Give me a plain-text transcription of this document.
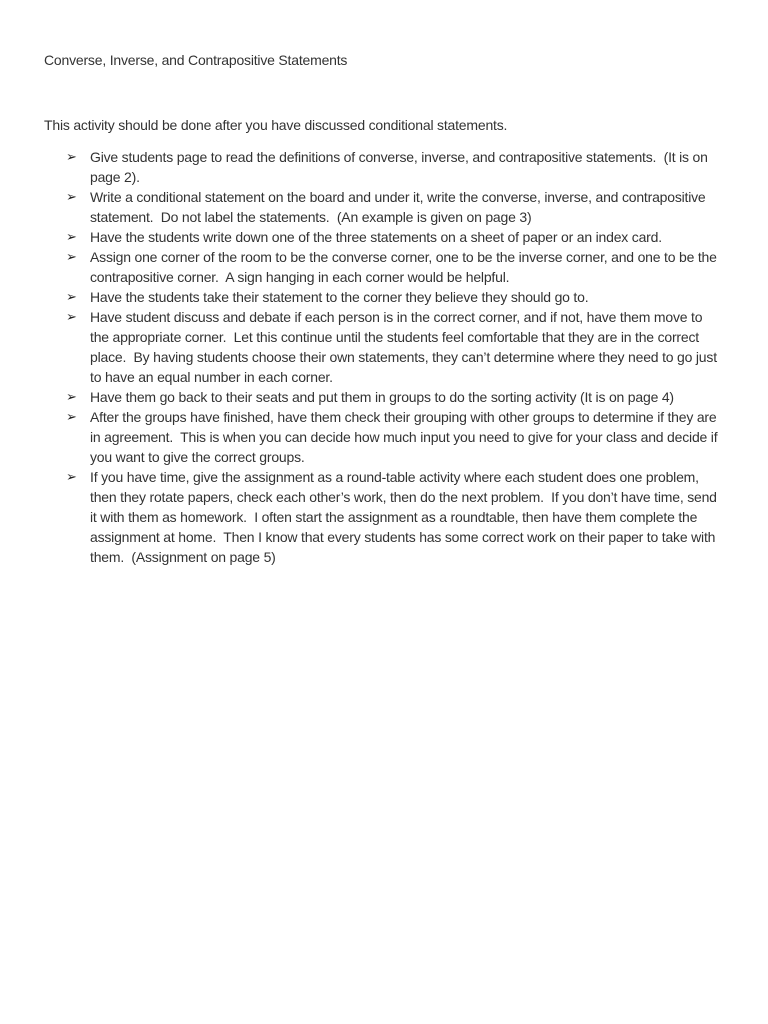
Converse, Inverse, and Contrapositive Statements

This activity should be done after you have discussed conditional statements.

➢ Give students page to read the definitions of converse, inverse, and contrapositive statements.  (It is on page 2).
➢ Write a conditional statement on the board and under it, write the converse, inverse, and contrapositive statement.  Do not label the statements.  (An example is given on page 3)
➢ Have the students write down one of the three statements on a sheet of paper or an index card.
➢ Assign one corner of the room to be the converse corner, one to be the inverse corner, and one to be the contrapositive corner.  A sign hanging in each corner would be helpful.
➢ Have the students take their statement to the corner they believe they should go to.
➢ Have student discuss and debate if each person is in the correct corner, and if not, have them move to the appropriate corner.  Let this continue until the students feel comfortable that they are in the correct place.  By having students choose their own statements, they can’t determine where they need to go just to have an equal number in each corner.
➢ Have them go back to their seats and put them in groups to do the sorting activity (It is on page 4)
➢ After the groups have finished, have them check their grouping with other groups to determine if they are in agreement.  This is when you can decide how much input you need to give for your class and decide if you want to give the correct groups.
➢ If you have time, give the assignment as a round-table activity where each student does one problem, then they rotate papers, check each other’s work, then do the next problem.  If you don’t have time, send it with them as homework.  I often start the assignment as a roundtable, then have them complete the assignment at home.  Then I know that every students has some correct work on their paper to take with them.  (Assignment on page 5)
